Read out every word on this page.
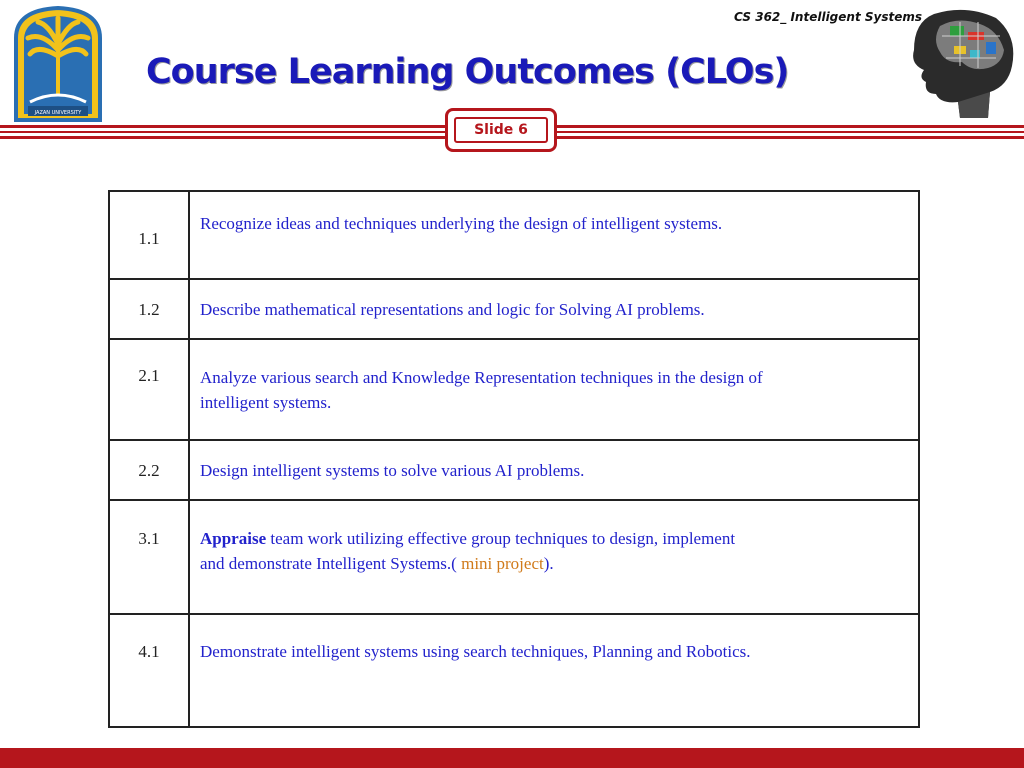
JAZAN UNIVERSITY
CS 362_ Intelligent Systems
Course Learning Outcomes (CLOs)
Slide 6
1.1	Recognize ideas and techniques underlying the design of intelligent systems.
1.2	Describe mathematical representations and logic for Solving AI problems.
2.1	Analyze various search and Knowledge Representation techniques in the design of
intelligent systems.

2.2	Design intelligent systems to solve various AI problems.
3.1	Appraise team work utilizing effective group techniques to design, implement
and demonstrate Intelligent Systems.( mini project).

4.1	Demonstrate intelligent systems using search techniques, Planning and Robotics.
